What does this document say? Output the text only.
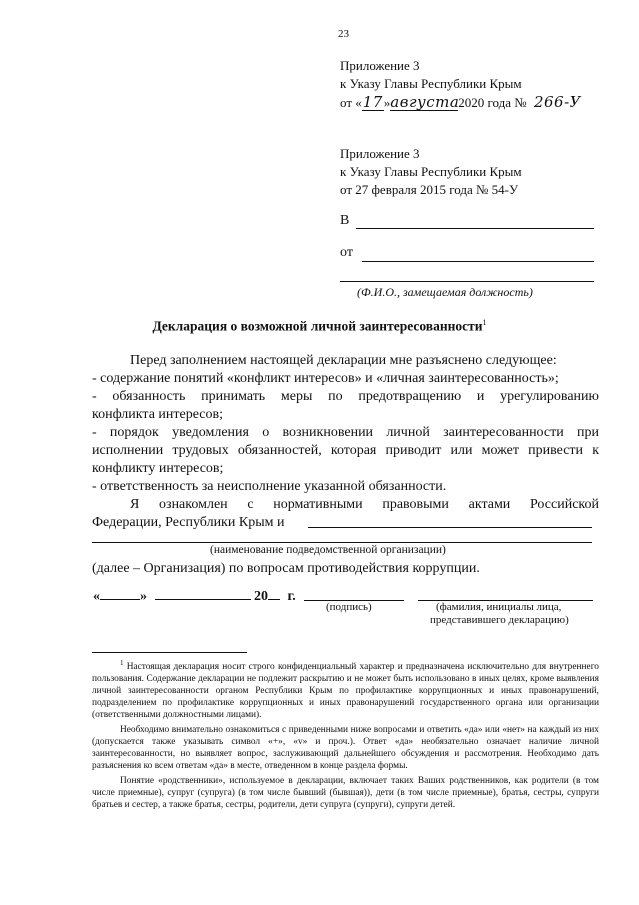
23
Приложение 3
к Указу Главы Республики Крым
от «17»августа2020 года № 266-У
Приложение 3
к Указу Главы Республики Крым
от 27 февраля 2015 года № 54-У
В
от
(Ф.И.О., замещаемая должность)
Декларация о возможной личной заинтересованности$^1$
Перед заполнением настоящей декларации мне разъяснено следующее:
- содержание понятий «конфликт интересов» и «личная заинтересованность»;
- обязанность принимать меры по предотвращению и урегулированию
конфликта интересов;
- порядок уведомления о возникновении личной заинтересованности при
исполнении трудовых обязанностей, которая приводит или может привести к
конфликту интересов;
- ответственность за неисполнение указанной обязанности.
Я ознакомлен с нормативными правовыми актами Российской
Федерации, Республики Крым и
(наименование подведомственной организации)
(далее – Организация) по вопросам противодействия коррупции.
«	»	20 г.
(подпись)	(фамилия, инициалы лица,
представившего декларацию)

$^1$ Настоящая декларация носит строго конфиденциальный характер и предназначена исключительно для внутреннего пользования. Содержание декларации не подлежит раскрытию и не может быть использовано в иных целях, кроме выявления личной заинтересованности органом Республики Крым по профилактике коррупционных и иных правонарушений, подразделением по профилактике коррупционных и иных правонарушений государственного органа или организации (ответственными должностными лицами).

Необходимо внимательно ознакомиться с приведенными ниже вопросами и ответить «да» или «нет» на каждый из них (допускается также указывать символ «+», «v» и проч.). Ответ «да» необязательно означает наличие личной заинтересованности, но выявляет вопрос, заслуживающий дальнейшего обсуждения и рассмотрения. Необходимо дать разъяснения ко всем ответам «да» в месте, отведенном в конце раздела формы.

Понятие «родственники», используемое в декларации, включает таких Ваших родственников, как родители (в том числе приемные), супруг (супруга) (в том числе бывший (бывшая)), дети (в том числе приемные), братья, сестры, супруги братьев и сестер, а также братья, сестры, родители, дети супруга (супруги), супруги детей.
